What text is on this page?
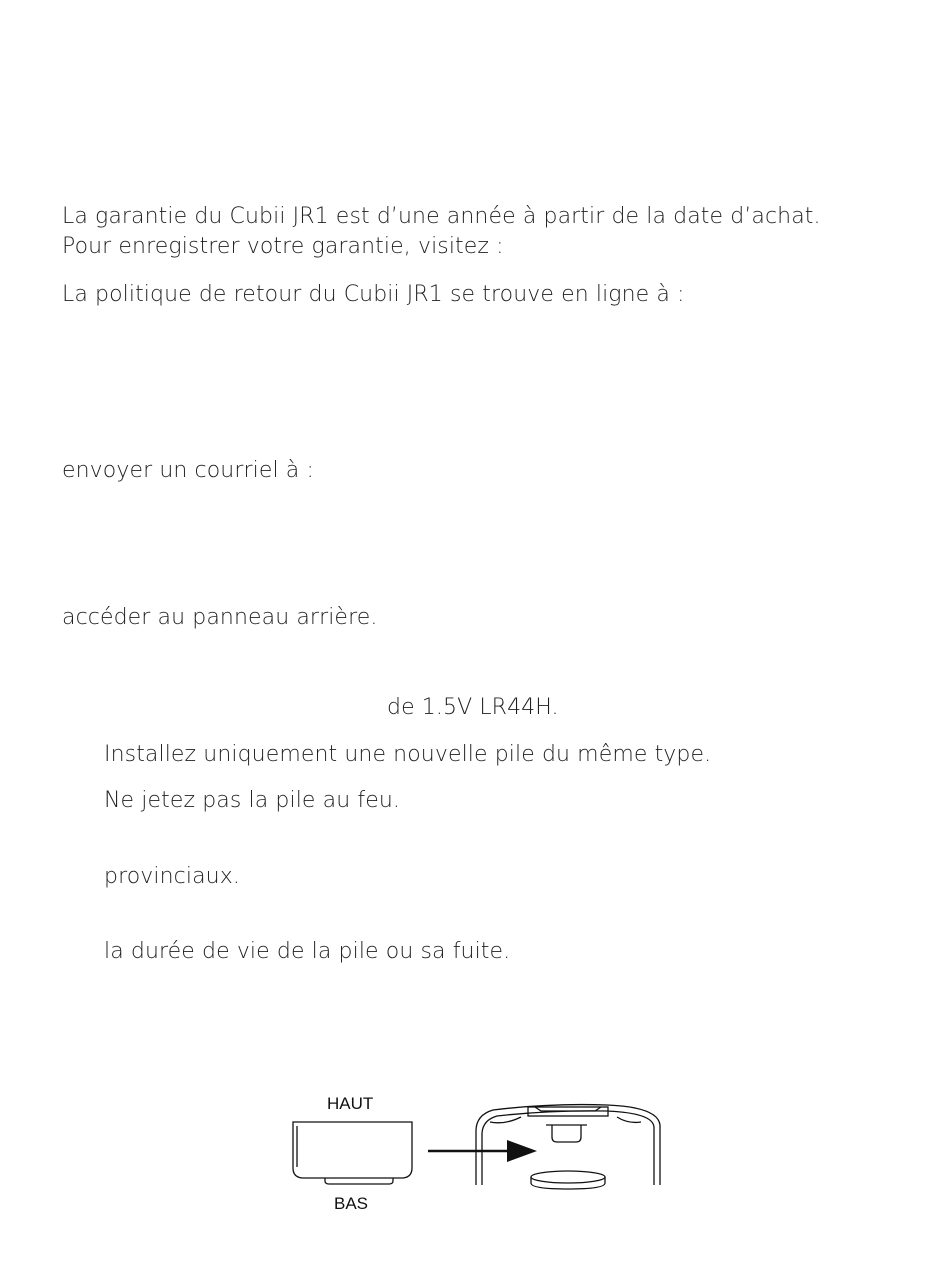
La garantie du Cubii JR1 est d’une année à partir de la date d’achat.
Pour enregistrer votre garantie, visitez :
La politique de retour du Cubii JR1 se trouve en ligne à :
envoyer un courriel à :
accéder au panneau arrière.
de 1.5V LR44H.
Installez uniquement une nouvelle pile du même type.
Ne jetez pas la pile au feu.
provinciaux.
la durée de vie de la pile ou sa fuite.
HAUT
BAS
